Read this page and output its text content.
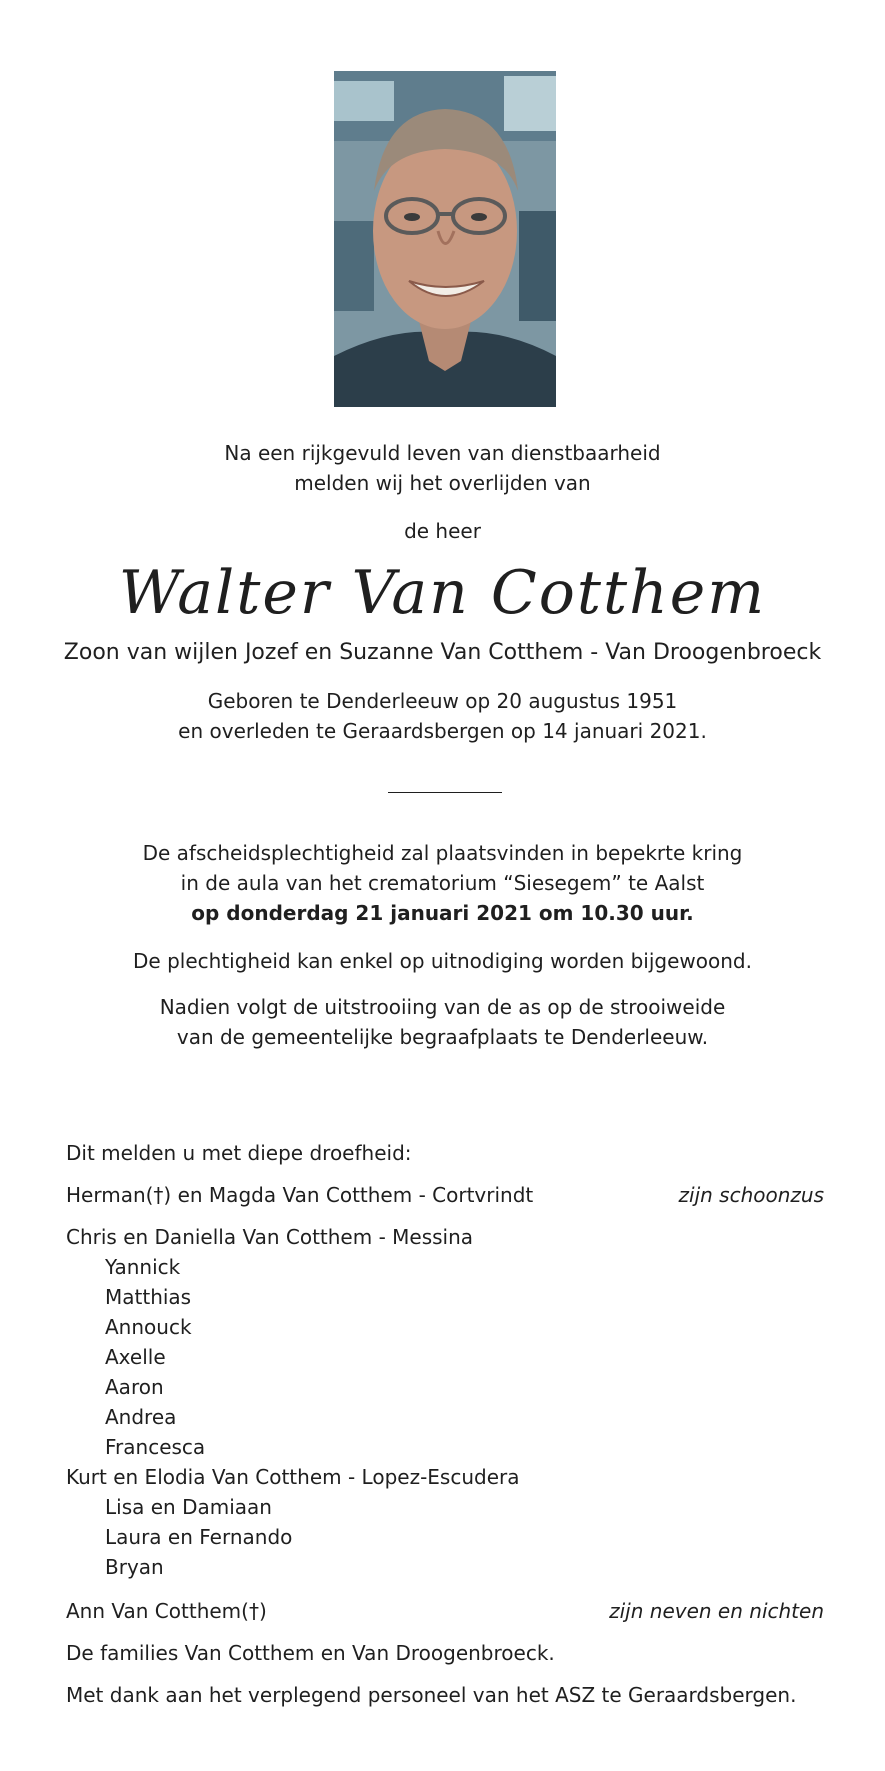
Na een rijkgevuld leven van dienstbaarheid

melden wij het overlijden van

de heer

Walter Van Cotthem

Zoon van wijlen Jozef en Suzanne Van Cotthem - Van Droogenbroeck

Geboren te Denderleeuw op 20 augustus 1951

en overleden te Geraardsbergen op 14 januari 2021.

De afscheidsplechtigheid zal plaatsvinden in bepekrte kring

in de aula van het crematorium “Siesegem” te Aalst

op donderdag 21 januari 2021 om 10.30 uur.

De plechtigheid kan enkel op uitnodiging worden bijgewoond.

Nadien volgt de uitstrooiing van de as op de strooiweide

van de gemeentelijke begraafplaats te Denderleeuw.

Dit melden u met diepe droefheid:
Herman(†) en Magda Van Cotthem - Cortvrindt	zijn schoonzus
Chris en Daniella Van Cotthem - Messina
Yannick
Matthias
Annouck
Axelle
Aaron
Andrea
Francesca
Kurt en Elodia Van Cotthem - Lopez-Escudera
Lisa en Damiaan
Laura en Fernando
Bryan
Ann Van Cotthem(†)	zijn neven en nichten
De families Van Cotthem en Van Droogenbroeck.
Met dank aan het verplegend personeel van het ASZ te Geraardsbergen.
